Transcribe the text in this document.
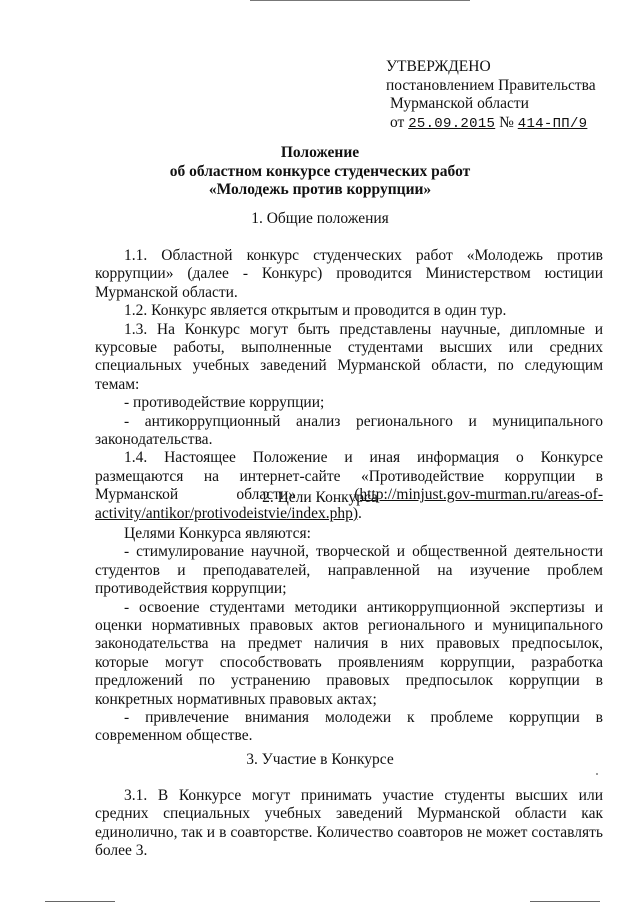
УТВЕРЖДЕНО
постановлением Правительства
Мурманской области
от 25.09.2015 № 414-ПП/9
Положение
об областном конкурсе студенческих работ
«Молодежь против коррупции»
1. Общие положения
1.1. Областной конкурс студенческих работ «Молодежь против коррупции» (далее - Конкурс) проводится Министерством юстиции Мурманской области.
1.2. Конкурс является открытым и проводится в один тур.
1.3. На Конкурс могут быть представлены научные, дипломные и курсовые работы, выполненные студентами высших или средних специальных учебных заведений Мурманской области, по следующим темам:
- противодействие коррупции;
- антикоррупционный анализ регионального и муниципального законодательства.
1.4. Настоящее Положение и иная информация о Конкурсе размещаются на интернет-сайте «Противодействие коррупции в Мурманской области»	(http://minjust.gov-murman.ru/areas-of-activity/antikor/protivodeistvie/index.php).
2. Цели Конкурса
Целями Конкурса являются:
- стимулирование научной, творческой и общественной деятельности студентов и преподавателей, направленной на изучение проблем противодействия коррупции;
- освоение студентами методики антикоррупционной экспертизы и оценки нормативных правовых актов регионального и муниципального законодательства на предмет наличия в них правовых предпосылок, которые могут способствовать проявлениям коррупции, разработка предложений по устранению правовых предпосылок коррупции в конкретных нормативных правовых актах;
- привлечение внимания молодежи к проблеме коррупции в современном обществе.
3. Участие в Конкурсе
3.1. В Конкурсе могут принимать участие студенты высших или средних специальных учебных заведений Мурманской области как единолично, так и в соавторстве. Количество соавторов не может составлять более 3.
